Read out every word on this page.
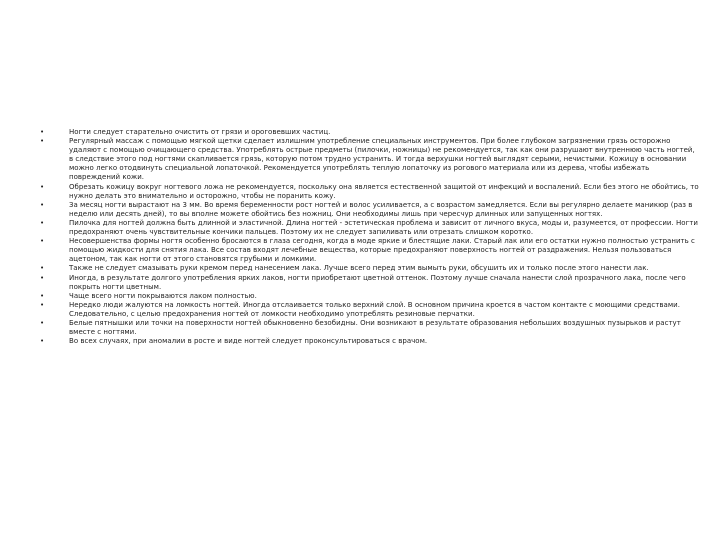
•	Ногти следует старательно очистить от грязи и ороговевших частиц.
•	Регулярный массаж с помощью мягкой щетки сделает излишним употребление специальных инструментов. При более глубоком загрязнении грязь осторожно удаляют с помощью очищающего средства. Употреблять острые предметы (пилочки, ножницы) не рекомендуется, так как они разрушают внутреннюю часть ногтей, в следствие этого под ногтями скапливается грязь, которую потом трудно устранить. И тогда верхушки ногтей выглядят серыми, нечистыми. Кожицу в основании можно легко отодвинуть специальной лопаточкой. Рекомендуется употреблять теплую лопаточку из рогового материала или из дерева, чтобы избежать повреждений кожи.
•	Обрезать кожицу вокруг ногтевого ложа не рекомендуется, поскольку она является естественной защитой от инфекций и воспалений. Если без этого не обойтись, то нужно делать это внимательно и осторожно, чтобы не поранить кожу.
•	За месяц ногти вырастают на 3 мм. Во время беременности рост ногтей и волос усиливается, а с возрастом замедляется. Если вы регулярно делаете маникюр (раз в неделю или десять дней), то вы вполне можете обойтись без ножниц. Они необходимы лишь при чересчур длинных или запущенных ногтях.
•	Пилочка для ногтей должна быть длинной и эластичной. Длина ногтей - эстетическая проблема и зависит от личного вкуса, моды и, разумеется, от профессии. Ногти предохраняют очень чувствительные кончики пальцев. Поэтому их не следует запиливать или отрезать слишком коротко.
•	Несовершенства формы ногтя особенно бросаются в глаза сегодня, когда в моде яркие и блестящие лаки. Старый лак или его остатки нужно полностью устранить с помощью жидкости для снятия лака. Все состав входят лечебные вещества, которые предохраняют поверхность ногтей от раздражения. Нельзя пользоваться ацетоном, так как ногти от этого становятся грубыми и ломкими.
•	Также не следует смазывать руки кремом перед нанесением лака. Лучше всего перед этим вымыть руки, обсушить их и только после этого нанести лак.
•	Иногда, в результате долгого употребления ярких лаков, ногти приобретают цветной оттенок. Поэтому лучше сначала нанести слой прозрачного лака, после чего покрыть ногти цветным.
•	Чаще всего ногти покрываются лаком полностью.
•	Нередко люди жалуются на ломкость ногтей. Иногда отслаивается только верхний слой. В основном причина кроется в частом контакте с моющими средствами. Следовательно, с целью предохранения ногтей от ломкости необходимо употреблять резиновые перчатки.
•	Белые пятнышки или точки на поверхности ногтей обыкновенно безобидны. Они возникают в результате образования небольших воздушных пузырьков и растут вместе с ногтями.
•	Во всех случаях, при аномалии в росте и виде ногтей следует проконсультироваться с врачом.
